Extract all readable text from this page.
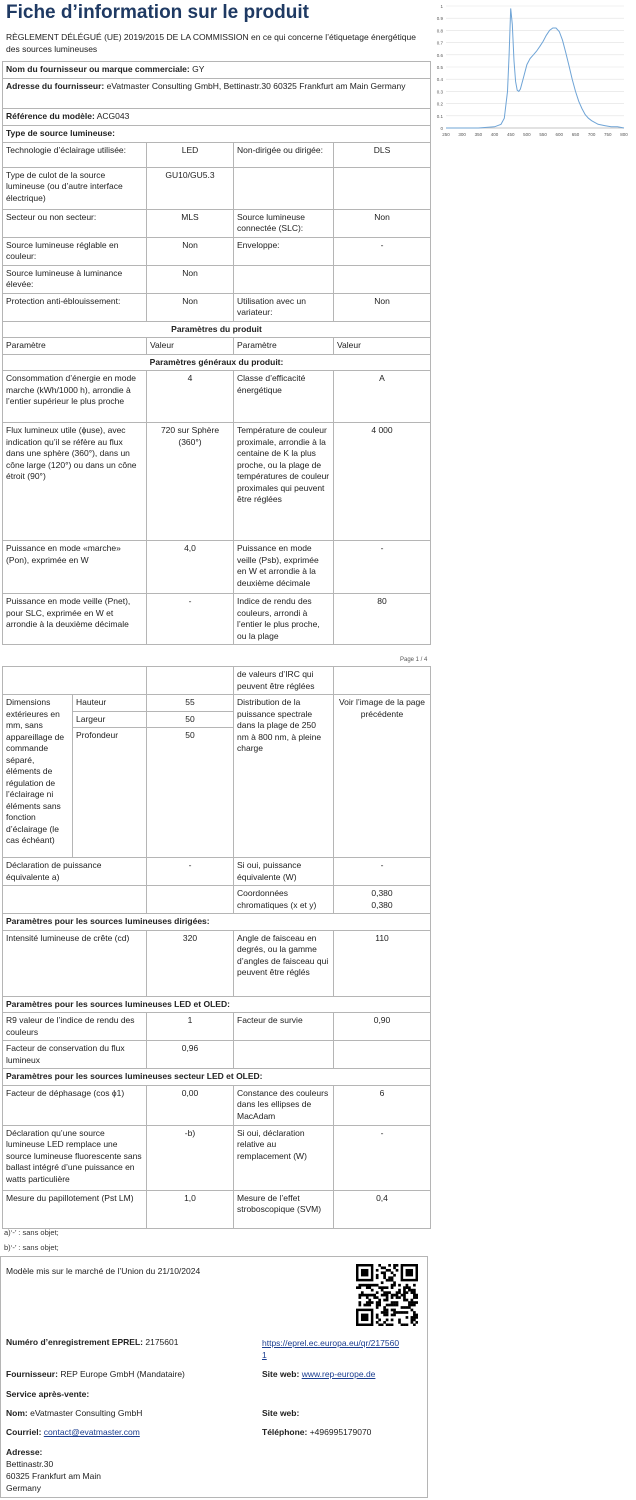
Fiche d’information sur le produit
RÈGLEMENT DÉLÉGUÉ (UE) 2019/2015 DE LA COMMISSION en ce qui concerne l’étiquetage énergétique des sources lumineuses
0
0.1
0.2
0.3
0.4
0.5
0.6
0.7
0.8
0.9
1
250 300 350 400 450 500 550 600 650 700 750 800
Nom du fournisseur ou marque commerciale: GY			
Adresse du fournisseur: eVatmaster Consulting GmbH, Bettinastr.30 60325 Frankfurt am Main Germany			
Référence du modèle: ACG043			
Type de source lumineuse:			
Technologie d’éclairage utilisée:	LED	Non-dirigée ou dirigée:	DLS
Type de culot de la source lumineuse (ou d’autre interface électrique)	GU10/GU5.3		
Secteur ou non secteur:	MLS	Source lumineuse connectée (SLC):	Non
Source lumineuse réglable en couleur:	Non	Enveloppe:	-
Source lumineuse à luminance élevée:	Non		
Protection anti-éblouissement:	Non	Utilisation avec un variateur:	Non
Paramètres du produit			
Paramètre	Valeur	Paramètre	Valeur
Paramètres généraux du produit:			
Consommation d’énergie en mode marche (kWh/1000 h), arrondie à l’entier supérieur le plus proche	4	Classe d’efficacité énergétique	A
Flux lumineux utile (ϕuse), avec indication qu’il se réfère au flux dans une sphère (360°), dans un cône large (120°) ou dans un cône étroit (90°)	720 sur Sphère (360°)	Température de couleur proximale, arrondie à la centaine de K la plus proche, ou la plage de températures de couleur proximales qui peuvent être réglées	4 000
Puissance en mode «marche» (Pon), exprimée en W	4,0	Puissance en mode veille (Psb), exprimée en W et arrondie à la deuxième décimale	-
Puissance en mode veille (Pnet), pour SLC, exprimée en W et arrondie à la deuxième décimale	-	Indice de rendu des couleurs, arrondi à l’entier le plus proche, ou la plage	80
Page 1 / 4
			de valeurs d’IRC qui peuvent être réglées	
Dimensions extérieures en mm, sans appareillage de commande séparé, éléments de régulation de l’éclairage ni éléments sans fonction d’éclairage (le cas échéant)	Hauteur	55	Distribution de la puissance spectrale dans la plage de 250 nm à 800 nm, à pleine charge	Voir l’image de la page précédente
	Largeur	50		
	Profondeur	50		
Déclaration de puissance équivalente a)		-	Si oui, puissance équivalente (W)	-
			Coordonnées chromatiques (x et y)	0,380
0,380
Paramètres pour les sources lumineuses dirigées:				
Intensité lumineuse de crête (cd)		320	Angle de faisceau en degrés, ou la gamme d’angles de faisceau qui peuvent être réglés	110
Paramètres pour les sources lumineuses LED et OLED:				
R9 valeur de l’indice de rendu des couleurs		1	Facteur de survie	0,90
Facteur de conservation du flux lumineux		0,96		
Paramètres pour les sources lumineuses secteur LED et OLED:				
Facteur de déphasage (cos ϕ1)		0,00	Constance des couleurs dans les ellipses de MacAdam	6
Déclaration qu’une source lumineuse LED remplace une source lumineuse fluorescente sans ballast intégré d’une puissance en watts particulière		-b)	Si oui, déclaration relative au remplacement (W)	-
Mesure du papillotement (Pst LM)		1,0	Mesure de l’effet stroboscopique (SVM)	0,4
a)‘-’ : sans objet;
b)‘-’ : sans objet;
Modèle mis sur le marché de l’Union du 21/10/2024
Numéro d’enregistrement EPREL: 2175601	https://eprel.ec.europa.eu/qr/2175601
Fournisseur: REP Europe GmbH (Mandataire)	Site web: www.rep-europe.de
Service après-vente:
Nom: eVatmaster Consulting GmbH	Site web:
Courriel: contact@evatmaster.com	Téléphone: +496995179070
Adresse:
Bettinastr.30
60325 Frankfurt am Main
Germany
